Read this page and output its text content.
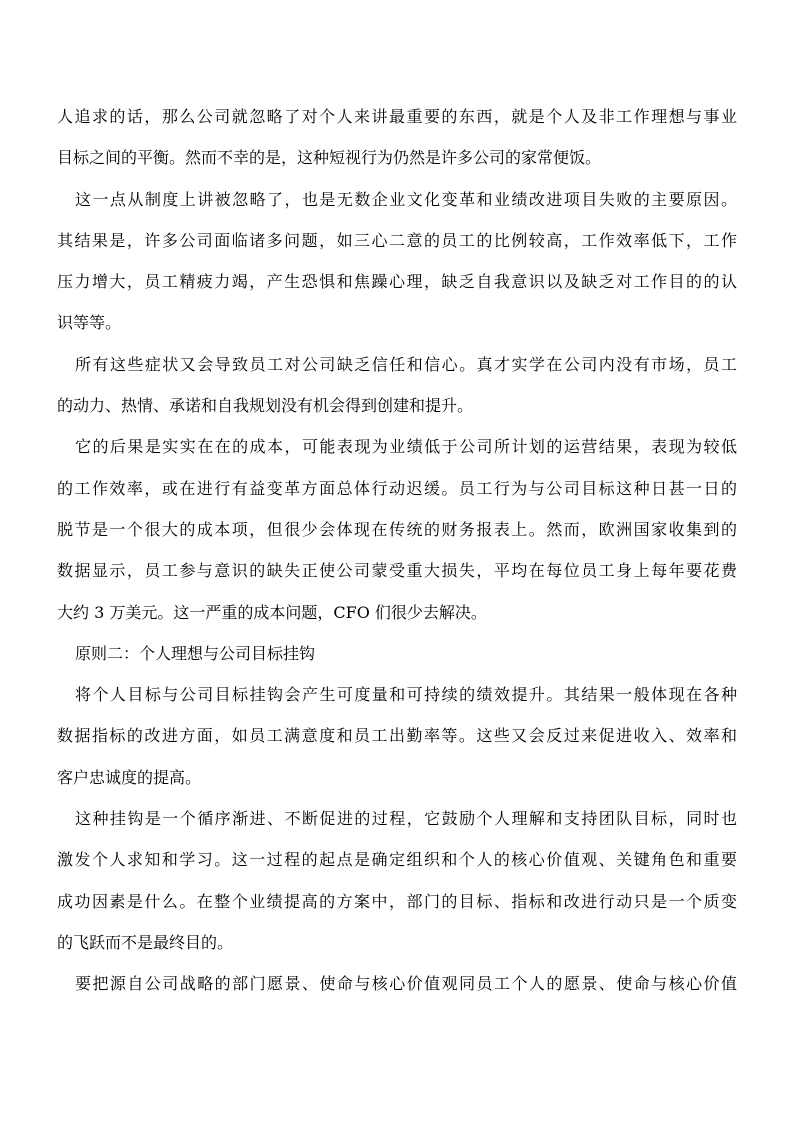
人追求的话，那么公司就忽略了对个人来讲最重要的东西，就是个人及非工作理想与事业
目标之间的平衡。然而不幸的是，这种短视行为仍然是许多公司的家常便饭。
这一点从制度上讲被忽略了，也是无数企业文化变革和业绩改进项目失败的主要原因。
其结果是，许多公司面临诸多问题，如三心二意的员工的比例较高，工作效率低下，工作
压力增大，员工精疲力竭，产生恐惧和焦躁心理，缺乏自我意识以及缺乏对工作目的的认
识等等。
所有这些症状又会导致员工对公司缺乏信任和信心。真才实学在公司内没有市场，员工
的动力、热情、承诺和自我规划没有机会得到创建和提升。
它的后果是实实在在的成本，可能表现为业绩低于公司所计划的运营结果，表现为较低
的工作效率，或在进行有益变革方面总体行动迟缓。员工行为与公司目标这种日甚一日的
脱节是一个很大的成本项，但很少会体现在传统的财务报表上。然而，欧洲国家收集到的
数据显示，员工参与意识的缺失正使公司蒙受重大损失，平均在每位员工身上每年要花费
大约 3 万美元。这一严重的成本问题，CFO 们很少去解决。
原则二：个人理想与公司目标挂钩
将个人目标与公司目标挂钩会产生可度量和可持续的绩效提升。其结果一般体现在各种
数据指标的改进方面，如员工满意度和员工出勤率等。这些又会反过来促进收入、效率和
客户忠诚度的提高。
这种挂钩是一个循序渐进、不断促进的过程，它鼓励个人理解和支持团队目标，同时也
激发个人求知和学习。这一过程的起点是确定组织和个人的核心价值观、关键角色和重要
成功因素是什么。在整个业绩提高的方案中，部门的目标、指标和改进行动只是一个质变
的飞跃而不是最终目的。
要把源自公司战略的部门愿景、使命与核心价值观同员工个人的愿景、使命与核心价值
